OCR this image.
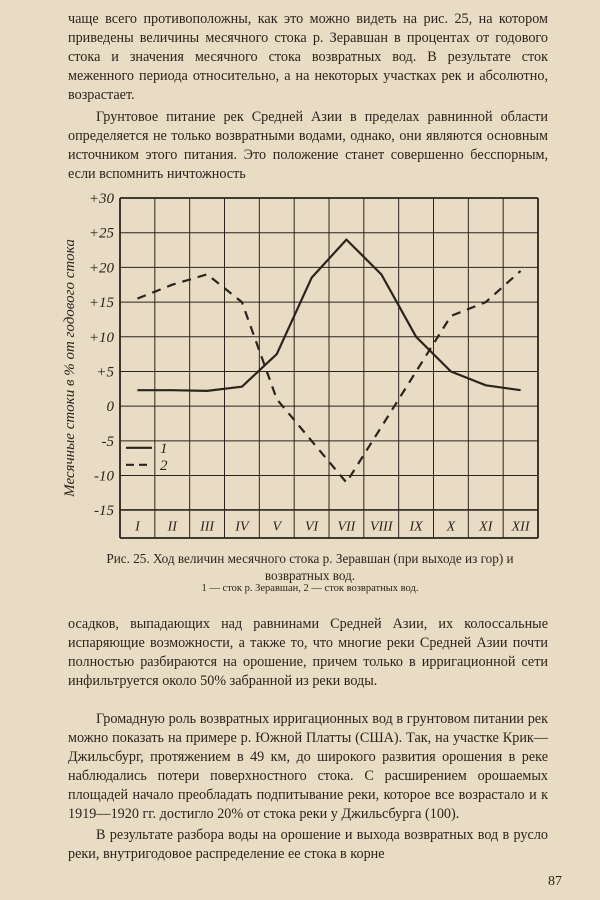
чаще всего противоположны, как это можно видеть на рис. 25, на котором приведены величины месячного стока р. Зеравшан в процентах от годового стока и значения месячного стока возвратных вод. В результате сток меженного периода относительно, а на некоторых участках рек и абсолютно, возрастает.

Грунтовое питание рек Средней Азии в пределах равнинной области определяется не только возвратными водами, однако, они являются основным источником этого питания. Это положение станет совершенно бесспорным, если вспомнить ничтожность

+30
+25
+20
+15
+10
+5
0
-5
-10
-15
Месячные стоки в % от годового стока
I II III IV V VI VII VIII IX X XI XII
1
2

Рис. 25. Ход величин месячного стока р. Зеравшан (при выходе из гор) и возвратных вод.

1 — сток р. Зеравшан, 2 — сток возвратных вод.

осадков, выпадающих над равнинами Средней Азии, их колоссальные испаряющие возможности, а также то, что многие реки Средней Азии почти полностью разбираются на орошение, причем только в ирригационной сети инфильтруется около 50% забранной из реки воды.

Громадную роль возвратных ирригационных вод в грунтовом питании рек можно показать на примере р. Южной Платты (США). Так, на участке Крик—Джильсбург, протяжением в 49 км, до широкого развития орошения в реке наблюдались потери поверхностного стока. С расширением орошаемых площадей начало преобладать подпитывание реки, которое все возрастало и к 1919—1920 гг. достигло 20% от стока реки у Джильсбурга (100).

В результате разбора воды на орошение и выхода возвратных вод в русло реки, внутригодовое распределение ее стока в корне

87
